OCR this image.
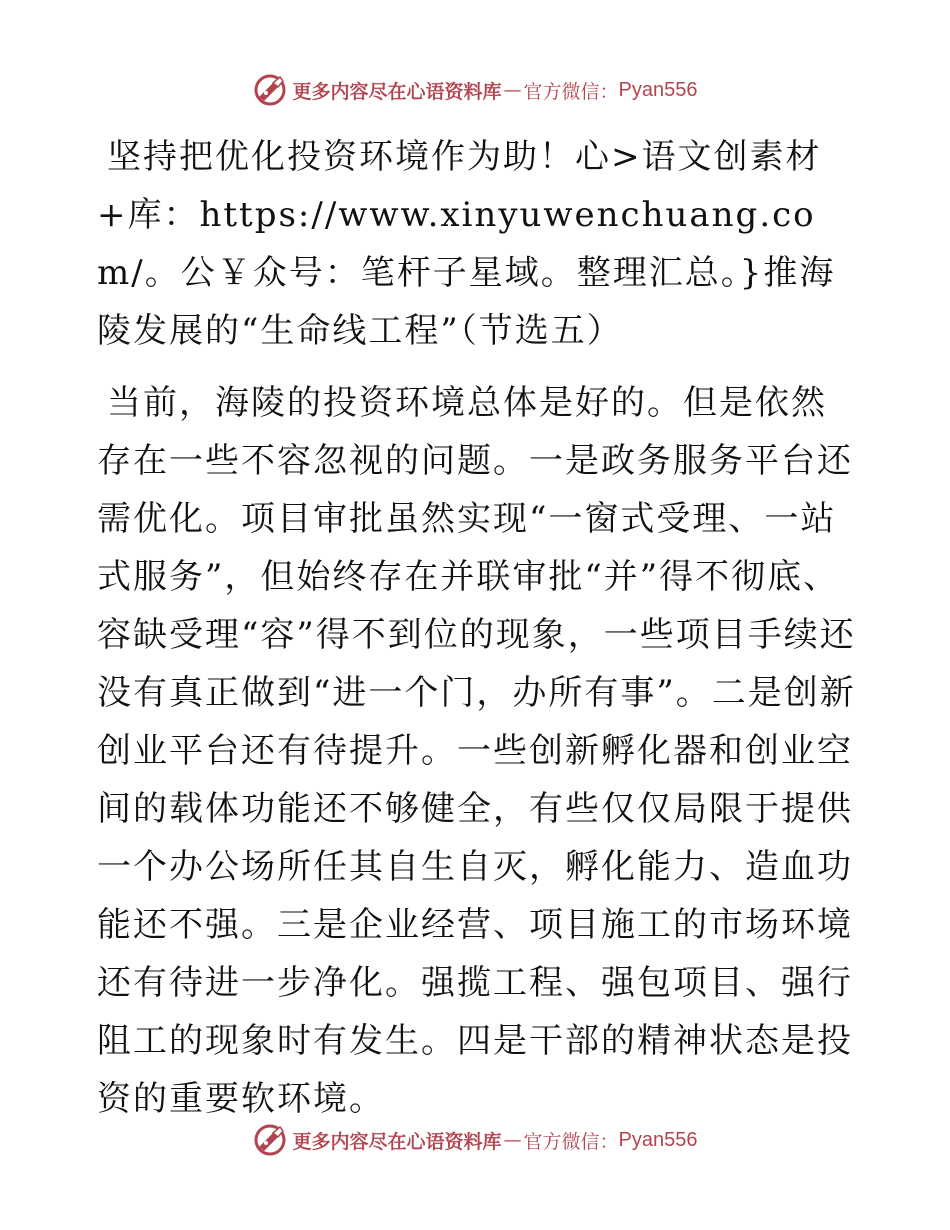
更多内容尽在心语资料库 — 官方微信： Pyan556

坚持把优化投资环境作为助！心>语文创素材+库：https://www.xinyuwenchuang.com/。公￥众号：笔杆子星域。整理汇总。}推海陵发展的“生命线工程”（节选五）

当前，海陵的投资环境总体是好的。但是依然存在一些不容忽视的问题。一是政务服务平台还需优化。项目审批虽然实现“一窗式受理、一站式服务”，但始终存在并联审批“并”得不彻底、容缺受理“容”得不到位的现象，一些项目手续还没有真正做到“进一个门，办所有事”。二是创新创业平台还有待提升。一些创新孵化器和创业空间的载体功能还不够健全，有些仅仅局限于提供一个办公场所任其自生自灭，孵化能力、造血功能还不强。三是企业经营、项目施工的市场环境还有待进一步净化。强揽工程、强包项目、强行阻工的现象时有发生。四是干部的精神状态是投资的重要软环境。

更多内容尽在心语资料库 — 官方微信： Pyan556
